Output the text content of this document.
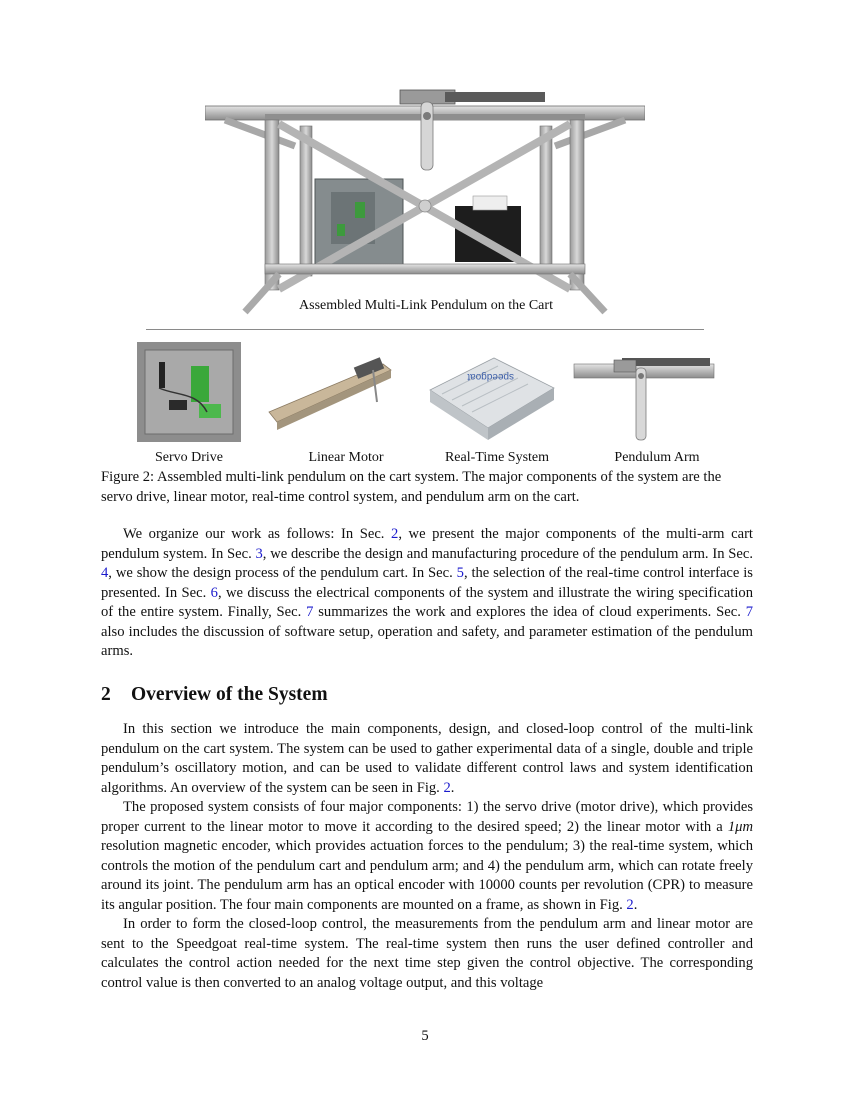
Assembled Multi-Link Pendulum on the Cart
speedgoat
Servo Drive	Linear Motor	Real-Time System	Pendulum Arm
Figure 2: Assembled multi-link pendulum on the cart system. The major components of the system are the servo drive, linear motor, real-time control system, and pendulum arm on the cart.

We organize our work as follows: In Sec. 2, we present the major components of the multi-arm cart pendulum system. In Sec. 3, we describe the design and manufacturing procedure of the pendulum arm. In Sec. 4, we show the design process of the pendulum cart. In Sec. 5, the selection of the real-time control interface is presented. In Sec. 6, we discuss the electrical components of the system and illustrate the wiring specification of the entire system. Finally, Sec. 7 summarizes the work and explores the idea of cloud experiments. Sec. 7 also includes the discussion of software setup, operation and safety, and parameter estimation of the pendulum arms.

2 Overview of the System

In this section we introduce the main components, design, and closed-loop control of the multi-link pendulum on the cart system. The system can be used to gather experimental data of a single, double and triple pendulum’s oscillatory motion, and can be used to validate different control laws and system identification algorithms. An overview of the system can be seen in Fig. 2.

The proposed system consists of four major components: 1) the servo drive (motor drive), which provides proper current to the linear motor to move it according to the desired speed; 2) the linear motor with a 1μm resolution magnetic encoder, which provides actuation forces to the pendulum; 3) the real-time system, which controls the motion of the pendulum cart and pendulum arm; and 4) the pendulum arm, which can rotate freely around its joint. The pendulum arm has an optical encoder with 10000 counts per revolution (CPR) to measure its angular position. The four main components are mounted on a frame, as shown in Fig. 2.

In order to form the closed-loop control, the measurements from the pendulum arm and linear motor are sent to the Speedgoat real-time system. The real-time system then runs the user defined controller and calculates the control action needed for the next time step given the control objective. The corresponding control value is then converted to an analog voltage output, and this voltage

5
